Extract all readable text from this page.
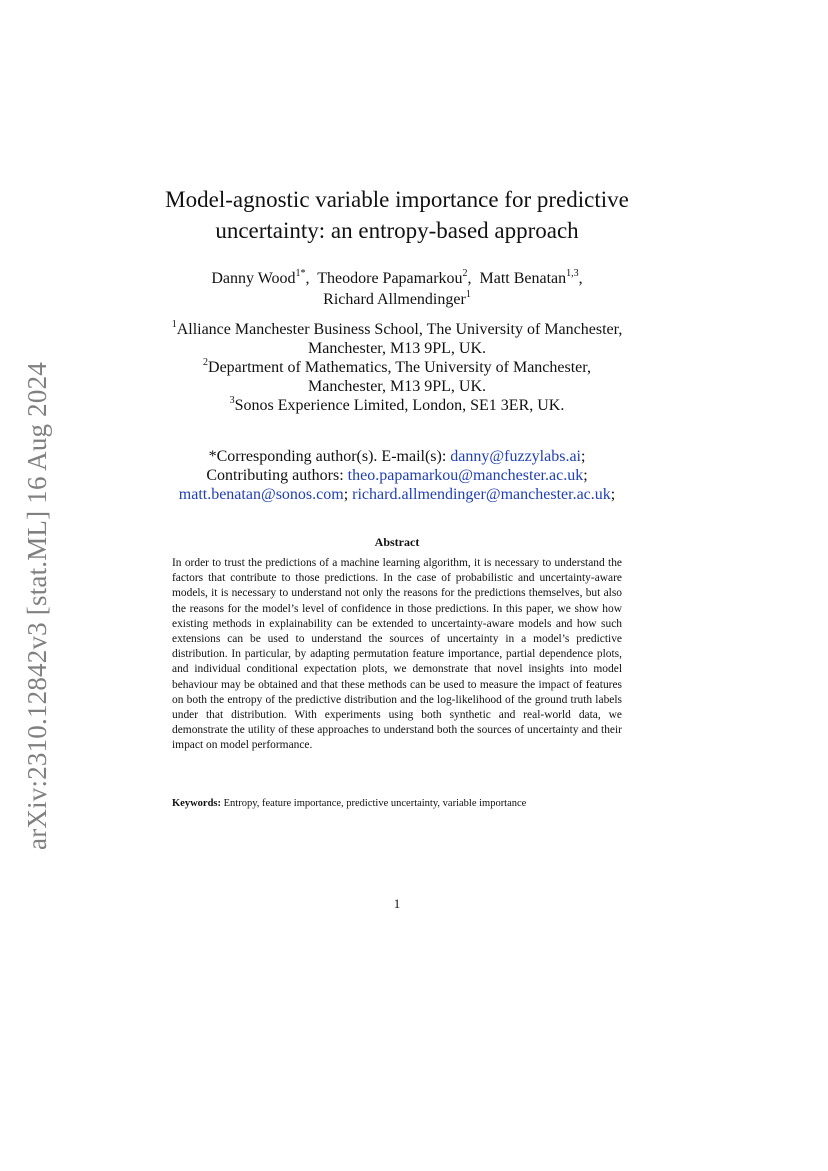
arXiv:2310.12842v3 [stat.ML] 16 Aug 2024
Model-agnostic variable importance for predictive
uncertainty: an entropy-based approach
Danny Wood$^{1*}$, Theodore Papamarkou$^2$, Matt Benatan$^{1,3}$,
Richard Allmendinger$^1$
$^1$Alliance Manchester Business School, The University of Manchester,
Manchester, M13 9PL, UK.
$^2$Department of Mathematics, The University of Manchester,
Manchester, M13 9PL, UK.
$^3$Sonos Experience Limited, London, SE1 3ER, UK.
*Corresponding author(s). E-mail(s): danny@fuzzylabs.ai;
Contributing authors: theo.papamarkou@manchester.ac.uk;
matt.benatan@sonos.com; richard.allmendinger@manchester.ac.uk;
Abstract
In order to trust the predictions of a machine learning algorithm, it is necessary to understand the factors that contribute to those predictions. In the case of probabilistic and uncertainty-aware models, it is necessary to understand not only the reasons for the predictions themselves, but also the reasons for the model’s level of confidence in those predictions. In this paper, we show how existing methods in explainability can be extended to uncertainty-aware models and how such extensions can be used to understand the sources of uncertainty in a model’s predictive distribution. In particular, by adapting permutation feature importance, partial dependence plots, and individual conditional expectation plots, we demonstrate that novel insights into model behaviour may be obtained and that these methods can be used to measure the impact of features on both the entropy of the predictive distribution and the log-likelihood of the ground truth labels under that distribution. With experiments using both synthetic and real-world data, we demonstrate the utility of these approaches to understand both the sources of uncertainty and their impact on model performance.
Keywords: Entropy, feature importance, predictive uncertainty, variable importance
1
